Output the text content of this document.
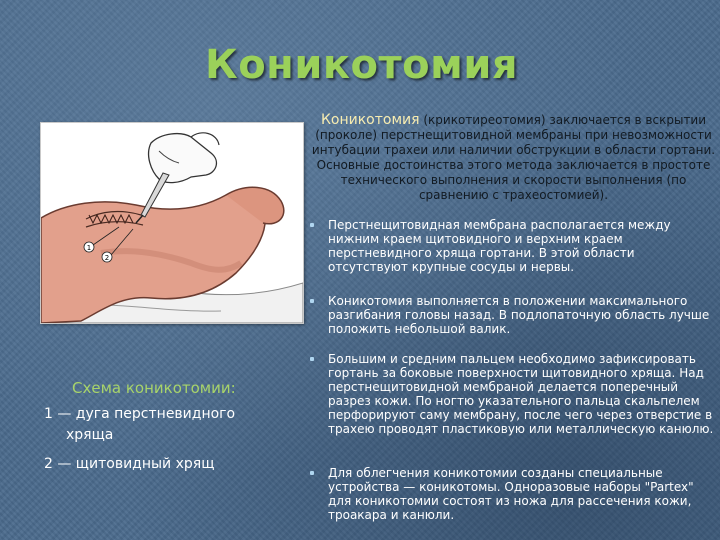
Коникотомия
1
2

Коникотомия (крикотиреотомия) заключается в вскрытии (проколе) перстнещитовидной мембраны при невозможности интубации трахеи или наличии обструкции в области гортани. Основные достоинства этого метода заключается в простоте технического выполнения и скорости выполнения (по сравнению с трахеостомией).

Перстнещитовидная мембрана располагается между нижним краем щитовидного и верхним краем перстневидного хряща гортани. В этой области отсутствуют крупные сосуды и нервы.
Коникотомия выполняется в положении максимального разгибания головы назад. В подлопаточную область лучше положить небольшой валик.
Большим и средним пальцем необходимо зафиксировать гортань за боковые поверхности щитовидного хряща. Над перстнещитовидной мембраной делается поперечный разрез кожи. По ногтю указательного пальца скальпелем перфорируют саму мембрану, после чего через отверстие в трахею проводят пластиковую или металлическую канюлю.
Для облегчения коникотомии созданы специальные устройства — коникотомы. Одноразовые наборы "Partex" для коникотомии состоят из ножа для рассечения кожи, троакара и канюли.

Схема коникотомии:

1 — дуга перстневидного
хряща
2 — щитовидный хрящ
